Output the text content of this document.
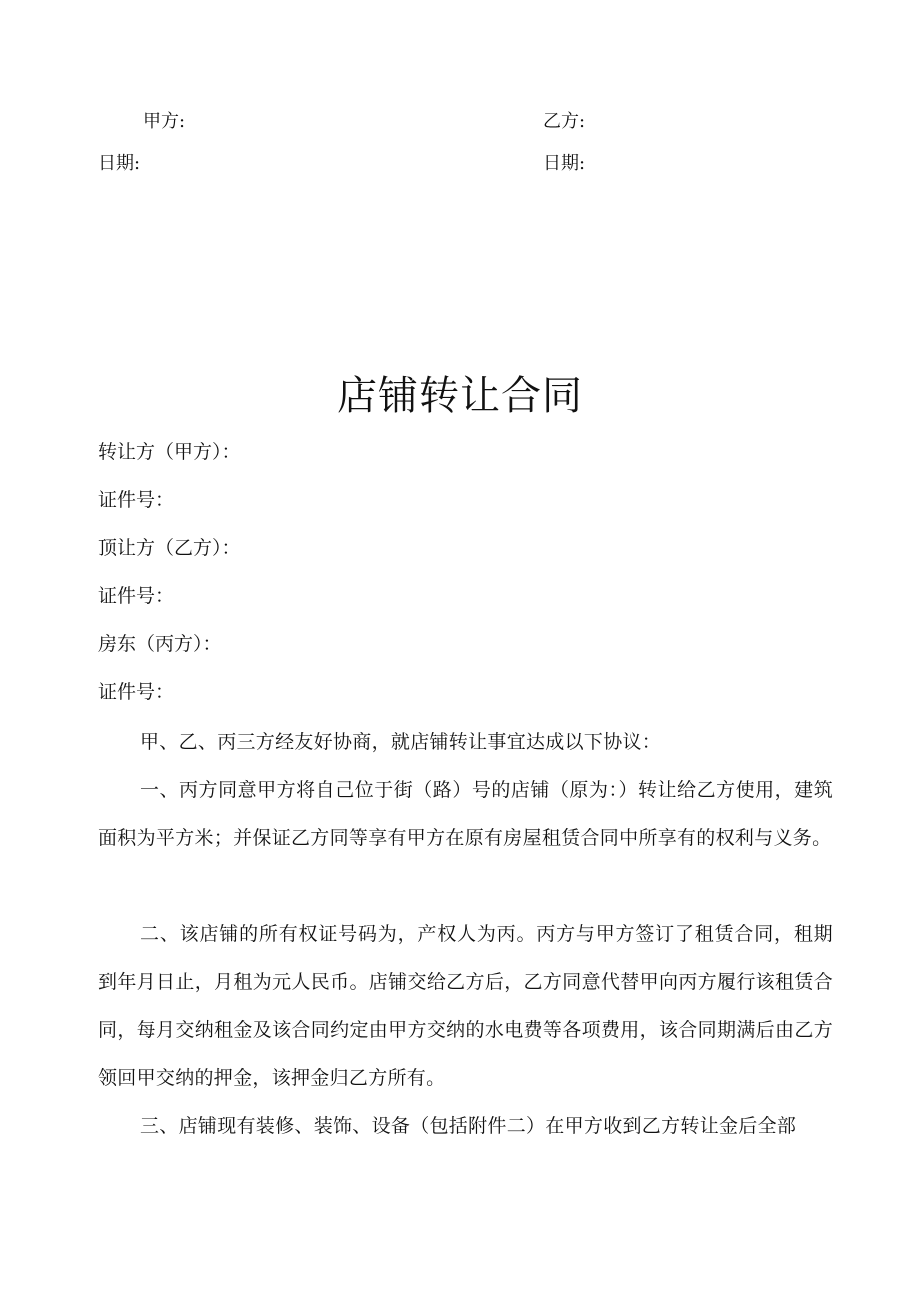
甲方:	乙方:
日期:	日期:
店铺转让合同
转让方（甲方）：
证件号：
顶让方（乙方）：
证件号：
房东（丙方）：
证件号：
甲、乙、丙三方经友好协商，就店铺转让事宜达成以下协议：
一、丙方同意甲方将自己位于街（路）号的店铺（原为：）转让给乙方使用，建筑面积为平方米；并保证乙方同等享有甲方在原有房屋租赁合同中所享有的权利与义务。
二、该店铺的所有权证号码为，产权人为丙。丙方与甲方签订了租赁合同，租期到年月日止，月租为元人民币。店铺交给乙方后，乙方同意代替甲向丙方履行该租赁合同，每月交纳租金及该合同约定由甲方交纳的水电费等各项费用，该合同期满后由乙方领回甲交纳的押金，该押金归乙方所有。
三、店铺现有装修、装饰、设备（包括附件二）在甲方收到乙方转让金后全部
